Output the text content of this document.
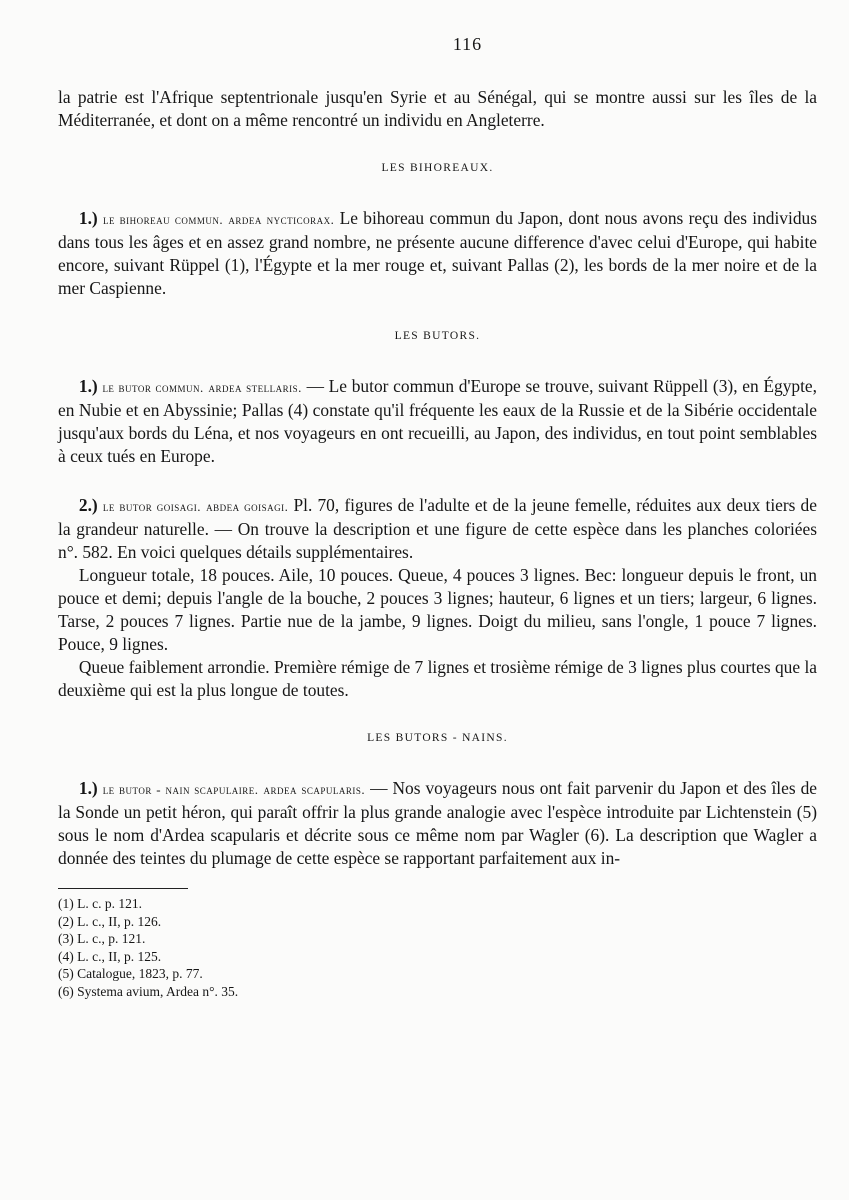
116

la patrie est l'Afrique septentrionale jusqu'en Syrie et au Sénégal, qui se montre aussi sur les îles de la Méditerranée, et dont on a même rencontré un individu en Angleterre.

LES BIHOREAUX.

1.) le bihoreau commun. ardea nycticorax. Le bihoreau commun du Japon, dont nous avons reçu des individus dans tous les âges et en assez grand nombre, ne présente aucune difference d'avec celui d'Europe, qui habite encore, suivant Rüppel (1), l'Égypte et la mer rouge et, suivant Pallas (2), les bords de la mer noire et de la mer Caspienne.

LES BUTORS.

1.) le butor commun. ardea stellaris. — Le butor commun d'Europe se trouve, suivant Rüppell (3), en Égypte, en Nubie et en Abyssinie; Pallas (4) constate qu'il fréquente les eaux de la Russie et de la Sibérie occidentale jusqu'aux bords du Léna, et nos voyageurs en ont recueilli, au Japon, des individus, en tout point semblables à ceux tués en Europe.

2.) le butor goisagi. abdea goisagi. Pl. 70, figures de l'adulte et de la jeune femelle, réduites aux deux tiers de la grandeur naturelle. — On trouve la description et une figure de cette espèce dans les planches coloriées n°. 582. En voici quelques détails supplémentaires.

Longueur totale, 18 pouces. Aile, 10 pouces. Queue, 4 pouces 3 lignes. Bec: longueur depuis le front, un pouce et demi; depuis l'angle de la bouche, 2 pouces 3 lignes; hauteur, 6 lignes et un tiers; largeur, 6 lignes. Tarse, 2 pouces 7 lignes. Partie nue de la jambe, 9 lignes. Doigt du milieu, sans l'ongle, 1 pouce 7 lignes. Pouce, 9 lignes.

Queue faiblement arrondie. Première rémige de 7 lignes et trosième rémige de 3 lignes plus courtes que la deuxième qui est la plus longue de toutes.

LES BUTORS - NAINS.

1.) le butor - nain scapulaire. ardea scapularis. — Nos voyageurs nous ont fait parvenir du Japon et des îles de la Sonde un petit héron, qui paraît offrir la plus grande analogie avec l'espèce introduite par Lichtenstein (5) sous le nom d'Ardea scapularis et décrite sous ce même nom par Wagler (6). La description que Wagler a donnée des teintes du plumage de cette espèce se rapportant parfaitement aux in-

(1) L. c. p. 121.
(2) L. c., II, p. 126.
(3) L. c., p. 121.
(4) L. c., II, p. 125.
(5) Catalogue, 1823, p. 77.
(6) Systema avium, Ardea n°. 35.
